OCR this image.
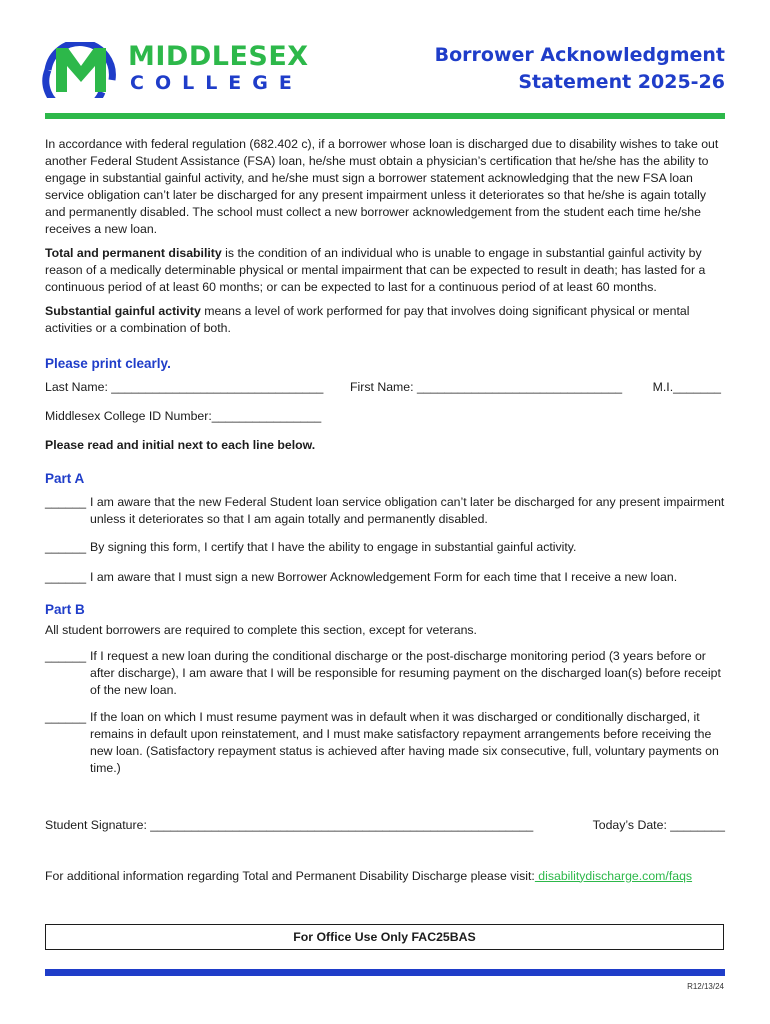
MIDDLESEX
COLLEGE
Borrower Acknowledgment
Statement 2025-26

In accordance with federal regulation (682.402 c), if a borrower whose loan is discharged due to disability wishes to take out another Federal Student Assistance (FSA) loan, he/she must obtain a physician’s certification that he/she has the ability to engage in substantial gainful activity, and he/she must sign a borrower statement acknowledging that the new FSA loan service obligation can’t later be discharged for any present impairment unless it deteriorates so that he/she is again totally and permanently disabled. The school must collect a new borrower acknowledgement from the student each time he/she receives a new loan.

Total and permanent disability is the condition of an individual who is unable to engage in substantial gainful activity by reason of a medically determinable physical or mental impairment that can be expected to result in death; has lasted for a continuous period of at least 60 months; or can be expected to last for a continuous period of at least 60 months.

Substantial gainful activity means a level of work performed for pay that involves doing significant physical or mental activities or a combination of both.

Please print clearly.
Last Name: _______________________________ First Name: ______________________________ M.I._______
Middlesex College ID Number:________________
Please read and initial next to each line below.
Part A
______ I am aware that the new Federal Student loan service obligation can’t later be discharged for any present impairment unless it deteriorates so that I am again totally and permanently disabled.
______ By signing this form, I certify that I have the ability to engage in substantial gainful activity.
______ I am aware that I must sign a new Borrower Acknowledgement Form for each time that I receive a new loan.
Part B
All student borrowers are required to complete this section, except for veterans.
______ If I request a new loan during the conditional discharge or the post-discharge monitoring period (3 years before or after discharge), I am aware that I will be responsible for resuming payment on the discharged loan(s) before receipt of the new loan.
______ If the loan on which I must resume payment was in default when it was discharged or conditionally discharged, it remains in default upon reinstatement, and I must make satisfactory repayment arrangements before receiving the new loan. (Satisfactory repayment status is achieved after having made six consecutive, full, voluntary payments on time.)
Student Signature: ________________________________________________________	Today’s Date: ________
For additional information regarding Total and Permanent Disability Discharge please visit: disabilitydischarge.com/faqs
For Office Use Only FAC25BAS
R12/13/24
